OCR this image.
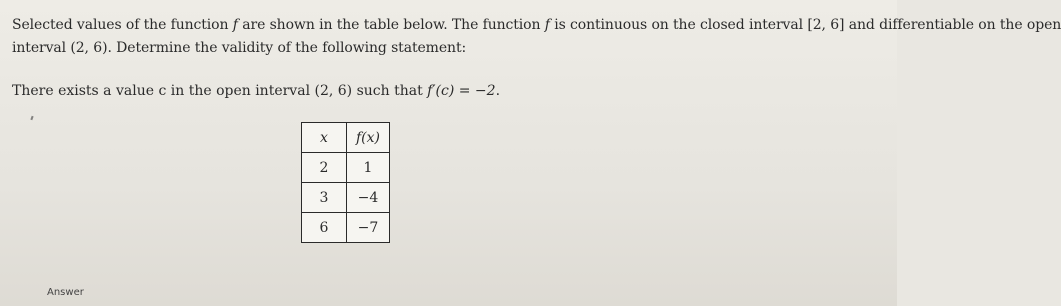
Selected values of the function f are shown in the table below. The function f is continuous on the closed interval [2, 6] and differentiable on the open
interval (2, 6). Determine the validity of the following statement:
There exists a value c in the open interval (2, 6) such that f′(c) = −2.
x	f(x)
2	1
3	−4
6	−7
Answer
